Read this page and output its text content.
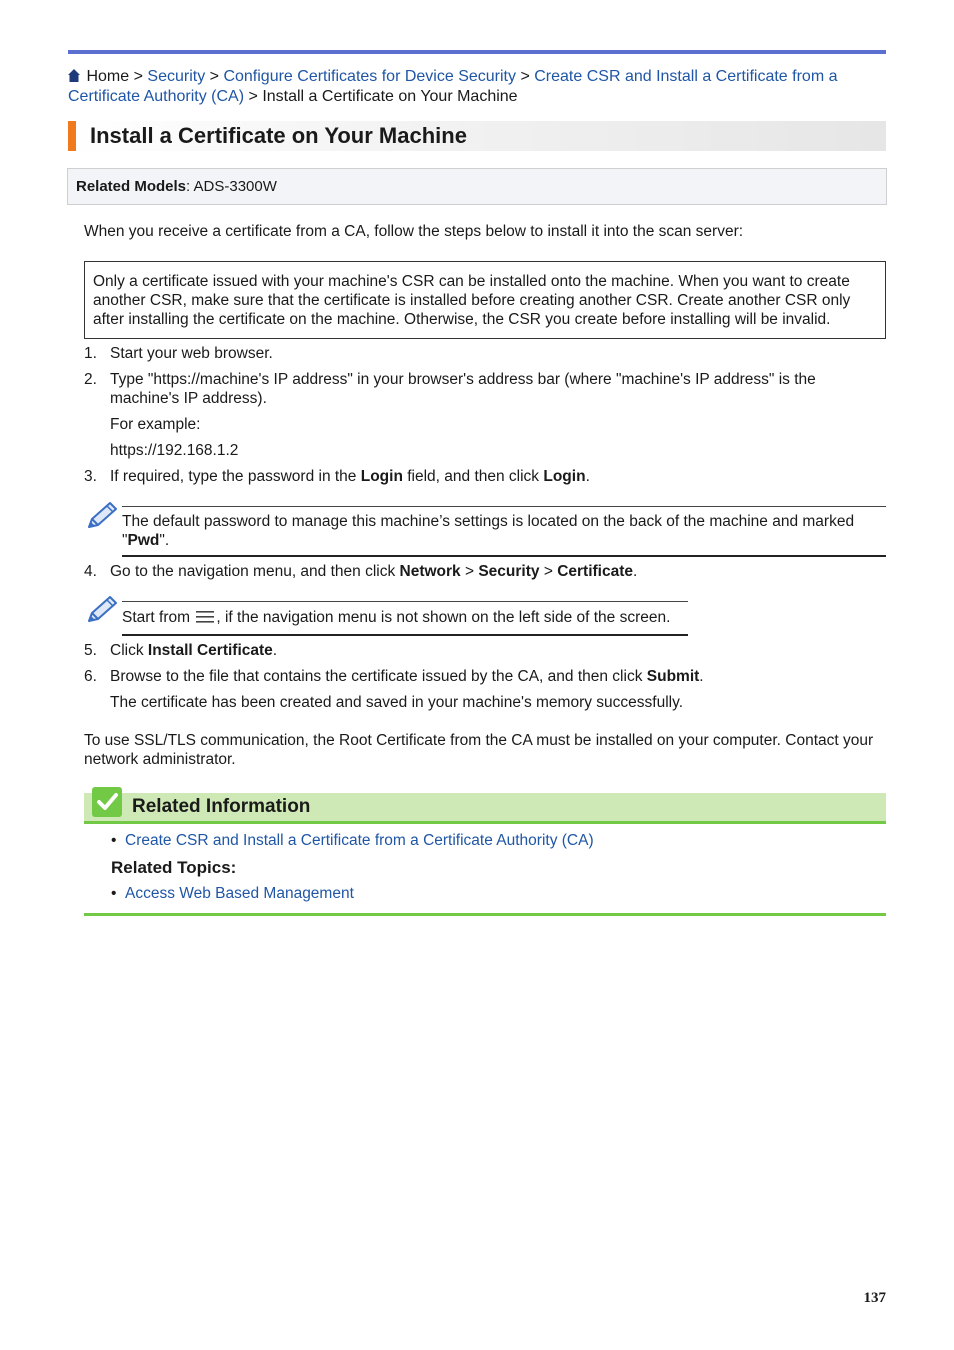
Home > Security > Configure Certificates for Device Security > Create CSR and Install a Certificate from a Certificate Authority (CA) > Install a Certificate on Your Machine
Install a Certificate on Your Machine
Related Models: ADS-3300W
When you receive a certificate from a CA, follow the steps below to install it into the scan server:
Only a certificate issued with your machine's CSR can be installed onto the machine. When you want to create another CSR, make sure that the certificate is installed before creating another CSR. Create another CSR only after installing the certificate on the machine. Otherwise, the CSR you create before installing will be invalid.
1. Start your web browser.
2. Type "https://machine's IP address" in your browser's address bar (where "machine's IP address" is the machine's IP address).
For example:
https://192.168.1.2
3. If required, type the password in the Login field, and then click Login.
The default password to manage this machine’s settings is located on the back of the machine and marked "Pwd".
4. Go to the navigation menu, and then click Network > Security > Certificate.
Start from , if the navigation menu is not shown on the left side of the screen.
5. Click Install Certificate.
6. Browse to the file that contains the certificate issued by the CA, and then click Submit.
The certificate has been created and saved in your machine's memory successfully.
To use SSL/TLS communication, the Root Certificate from the CA must be installed on your computer. Contact your network administrator.
Related Information
• Create CSR and Install a Certificate from a Certificate Authority (CA)
Related Topics:
• Access Web Based Management
137
